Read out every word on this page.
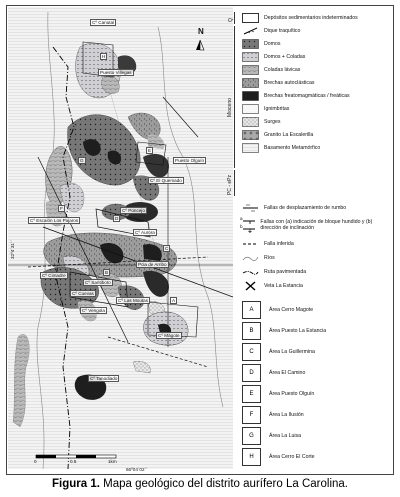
N
Cº Canutal
Puesto Villegas
Cº El Quemado
Puesto Olguín
Cº Poncejo
Cº Escalón Los Pajaros
Cº Aurora
Pcia de Arribo
Cº Cimadre
Cº Santiboto
Cº Cuevas
Cº Las Moutas
Cº Vengola
Cº Magote
Cº Tanodiado
H
E
G
D
C
B
A
F
32º4´31´´
0	0.5	1km
66º04´02´´
Q
Mioceno
PC - ePz
Depósitos sedimentarios indeterminados
Dique traquítico
Domos
Domos + Coladas
Coladas lávicas
Brechas autoclásticas
Brechas freatomagmáticas / freáticas
Ignimbritas
Surges
Granito La Escalerilla
Basamento Metamórfico
Fallas de desplazamiento de rumbo
Fallas con (a) indicación de bloque hundido y (b) dirección de inclinación
a
b
Falla inferida
Ríos
Ruta pavimentada
Veta La Estancia
A	Área Cerro Magote
B	Área Puesto La Estancia
C	Área La Guillermina
D	Área El Camino
E	Área Puesto Olguín
F	Área La Ilusión
G	Área La Luisa
H	Área Cerro El Corte
Figura 1. Mapa geológico del distrito aurífero La Carolina.
